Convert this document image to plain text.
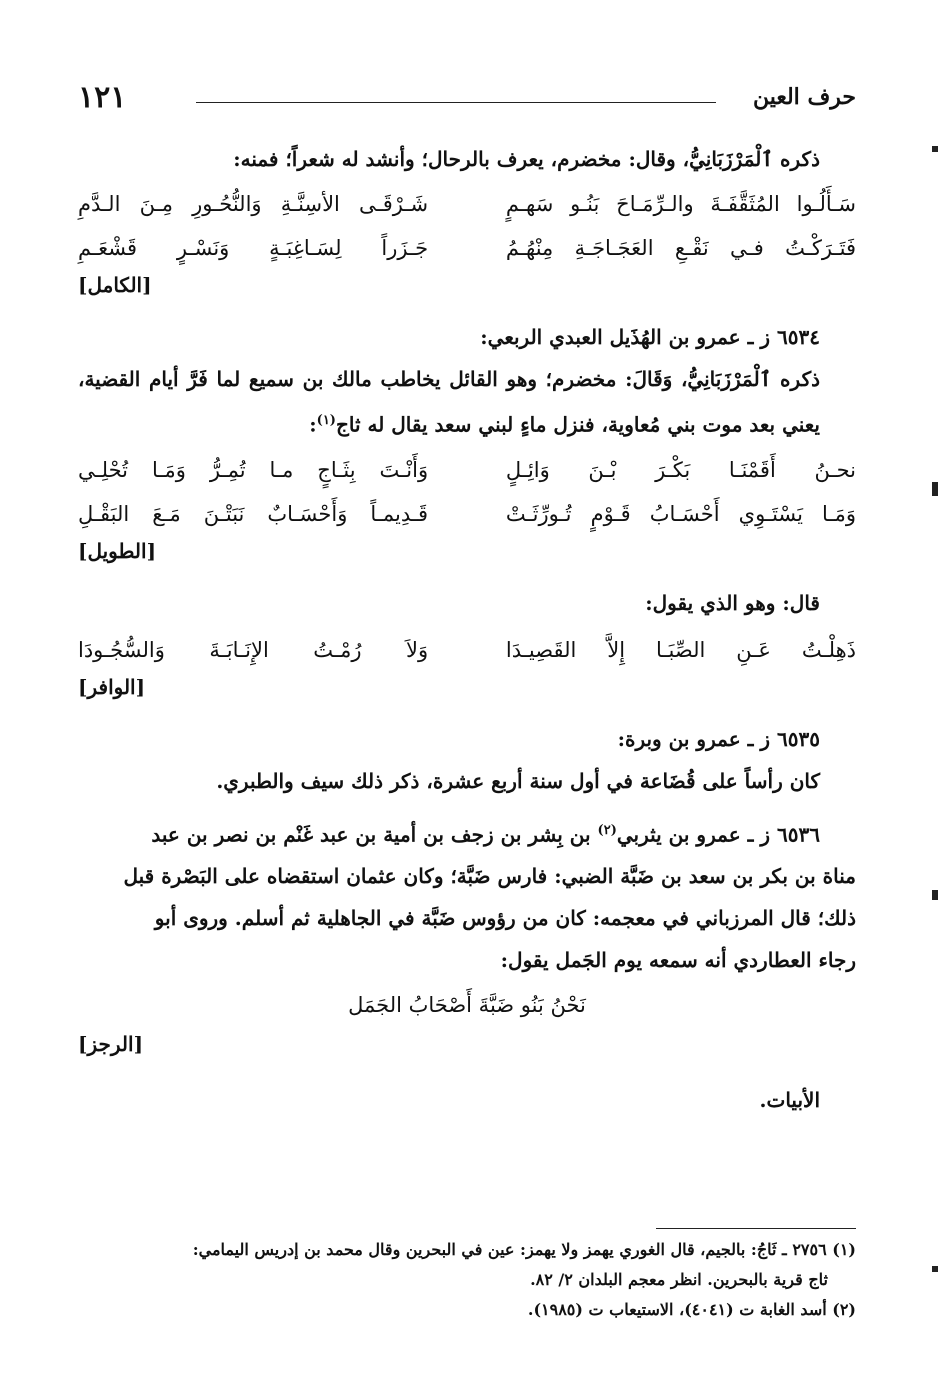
حرف العين
١٢١

ذكره ٱلْمَرْزَبَانِيُّ، وقال: مخضرم، يعرف بالرحال؛ وأنشد له شعراً؛ فمنه:

سَـأَلُـوا المُثَقَّفَـةَ والـرِّمَـاحَ بَنُـو سَهـمٍ
شَـرْقَـى الأسِنَّـةِ وَالنُّحُـورِ مِـنَ الـدَّمِ
فَتَـرَكْـتُ فـي نَقْـعِ العَجَـاجَـةِ مِنْهُـمُ
جَـزَراً لِسَـاغِبَـةٍ وَنَسْـرٍ قَشْعَـمِ

[الكامل]

٦٥٣٤ ز ـ عمرو بن الهُذَيل العبدي الربعي:

ذكره ٱلْمَرْزَبَانِيُّ، وَقَالَ: مخضرم؛ وهو القائل يخاطب مالك بن سميع لما فَرَّ أيام القضية، يعني بعد موت بني مُعاوية، فنزل ماءٍ لبني سعد يقال له ثاج$^{(١)}$:

نحـنُ أَقَمْنَـا بَكْـرَ بْـنَ وَائِـلٍ
وَأَنْـتَ بِثَـاجٍ مـا تُمِـرُّ وَمَـا تُحْلِـي
وَمَـا يَسْتَـوِي أَحْسَـابُ قَـوْمٍ تُـورِّثَـتْ
قَـدِيمـاً وَأَحْسَـابٌ نَبَتْـنَ مَـعَ البَقْـلِ

[الطويل]

قال: وهو الذي يقول:

ذَهِلْـتُ عَـنِ الصِّبَـا إِلاَّ القَصِيـدَا
وَلاَ رُمْـتُ الإِنَـابَـةَ وَالسُّجُـودَا

[الوافر]

٦٥٣٥ ز ـ عمرو بن وبرة:

كان رأساً على قُضَاعة في أول سنة أربع عشرة، ذكر ذلك سيف والطبري.

٦٥٣٦ ز ـ عمرو بن يثربي$^{(٢)}$ بن بِشر بن زجف بن أمية بن عبد غَنْم بن نصر بن عبد

مناة بن بكر بن سعد بن ضَبَّة الضبي: فارس ضَبَّة؛ وكان عثمان استقضاه على البَصْرة قبل

ذلك؛ قال المرزباني في معجمه: كان من رؤوس ضَبَّة في الجاهلية ثم أسلم. وروى أبو

رجاء العطاردي أنه سمعه يوم الجَمل يقول:

نَحْنُ بَنُو ضَبَّةَ أَصْحَابُ الجَمَل

[الرجز]

الأبيات.

(١) ٢٧٥٦ ـ ثَاجُ: بالجيم، قال الغوري يهمز ولا يهمز: عين في البحرين وقال محمد بن إدريس اليمامي:

ثاج قرية بالبحرين. انظر معجم البلدان ٢/ ٨٢.

(٢) أسد الغابة ت (٤٠٤١)، الاستيعاب ت (١٩٨٥).
